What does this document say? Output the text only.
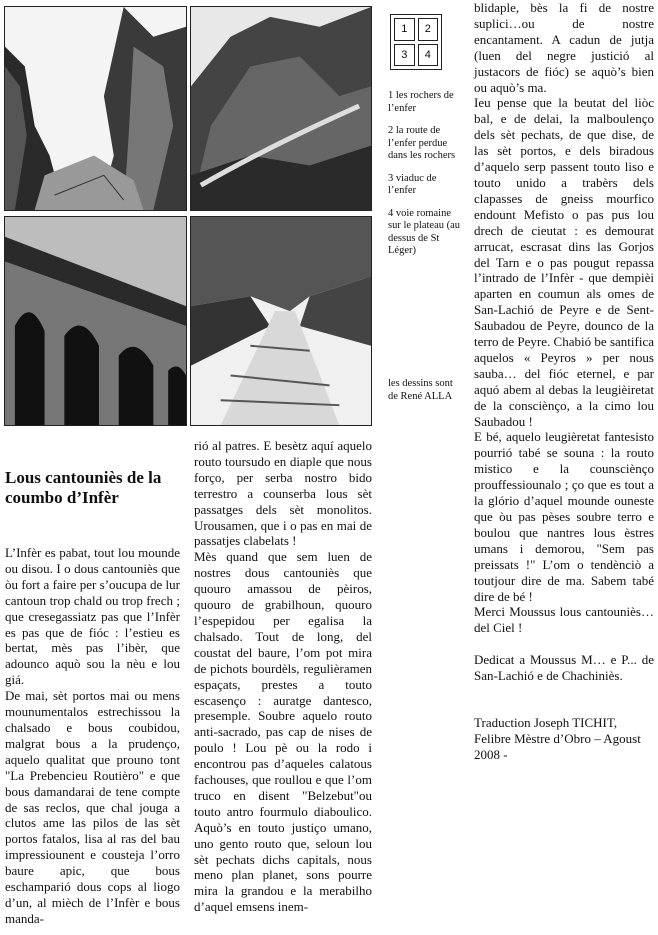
1	2
3	4

1 les rochers de l’enfer

2 la route de l’enfer perdue dans les rochers

3 viaduc de l’enfer

4 voie romaine sur le plateau (au dessus de St Léger)

les dessins sont de René ALLA
Lous cantouniès de la coumbo d’Infèr

L’Infèr es pabat, tout lou mounde ou disou. I o dous cantouniès que òu fort a faire per s’oucupa de lur cantoun trop chald ou trop frech ; que cresegassiatz pas que l’Infèr es pas que de fióc : l’estieu es bertat, mès pas l’ibèr, que adounco aquò sou la nèu e lou giá.

De mai, sèt portos mai ou mens mounumentalos estrechissou la chalsado e bous coubidou, malgrat bous a la prudenço, aquelo qualitat que prouno tont "La Prebencieu Routièro" e que bous damandarai de tene compte de sas reclos, que chal jouga a clutos ame las pilos de las sèt portos fatalos, lisa al ras del bau impressiounent e cousteja l’orro baure apic, que bous eschamparió dous cops al liogo d’un, al mièch de l’Infèr e bous manda-

rió al patres. E besètz aquí aquelo routo toursudo en diaple que nous forço, per serba nostro bido terrestro a counserba lous sèt passatges dels sèt monolitos. Urousamen, que i o pas en mai de passatjes clabelats !

Mès quand que sem luen de nostres dous cantouniès que quouro amassou de pèiros, quouro de grabilhoun, quouro l’espepidou per egalisa la chalsado. Tout de long, del coustat del baure, l’om pot mira de pichots bourdèls, regulièramen espaçats, prestes a touto escasenço : auratge dantesco, presemple. Soubre aquelo routo anti-sacrado, pas cap de nises de poulo ! Lou pè ou la rodo i encontrou pas d’aqueles calatous fachouses, que roullou e que l’om truco en disent "Belzebut"ou touto antro fourmulo diaboulico. Aquò’s en touto justiço umano, uno gento routo que, seloun lou sèt pechats dichs capitals, nous meno plan planet, sons pourre mira la grandou e la merabilho d’aquel emsens inem-

blidaple, bès la fi de nostre suplici…ou de nostre encantament. A cadun de jutja (luen del negre justició al justacors de fióc) se aquò’s bien ou aquò’s ma.

Ieu pense que la beutat del liòc bal, e de delai, la malboulenço dels sèt pechats, de que dise, de las sèt portos, e dels biradous d’aquelo serp passent touto liso e touto unido a trabèrs dels clapasses de gneiss mourfico endount Mefisto o pas pus lou drech de cieutat : es demourat arrucat, escrasat dins las Gorjos del Tarn e o pas pougut repassa l’intrado de l’Infèr - que dempièi aparten en coumun als omes de San-Lachió de Peyre e de Sent-Saubadou de Peyre, dounco de la terro de Peyre. Chabió be santifica aquelos « Peyros » per nous sauba… del fióc eternel, e par aquó abem al debas la leugièiretat de la consciènço, a la cimo lou Saubadou !

E bé, aquelo leugièretat fantesisto pourrió tabé se souna : la routo mistico e la counsciènço prouffessiounalo ; ço que es tout a la glório d’aquel mounde ouneste que òu pas pèses soubre terro e boulou que nantres lous èstres umans i demorou, "Sem pas preissats !" L’om o tendènciò a toutjour dire de ma. Sabem tabé dire de bé !

Merci Moussus lous cantouniès… del Ciel !

Dedicat a Moussus M… e P... de San-Lachió e de Chachiniès.

Traduction Joseph TICHIT, Felibre Mèstre d’Obro – Agoust 2008 -
